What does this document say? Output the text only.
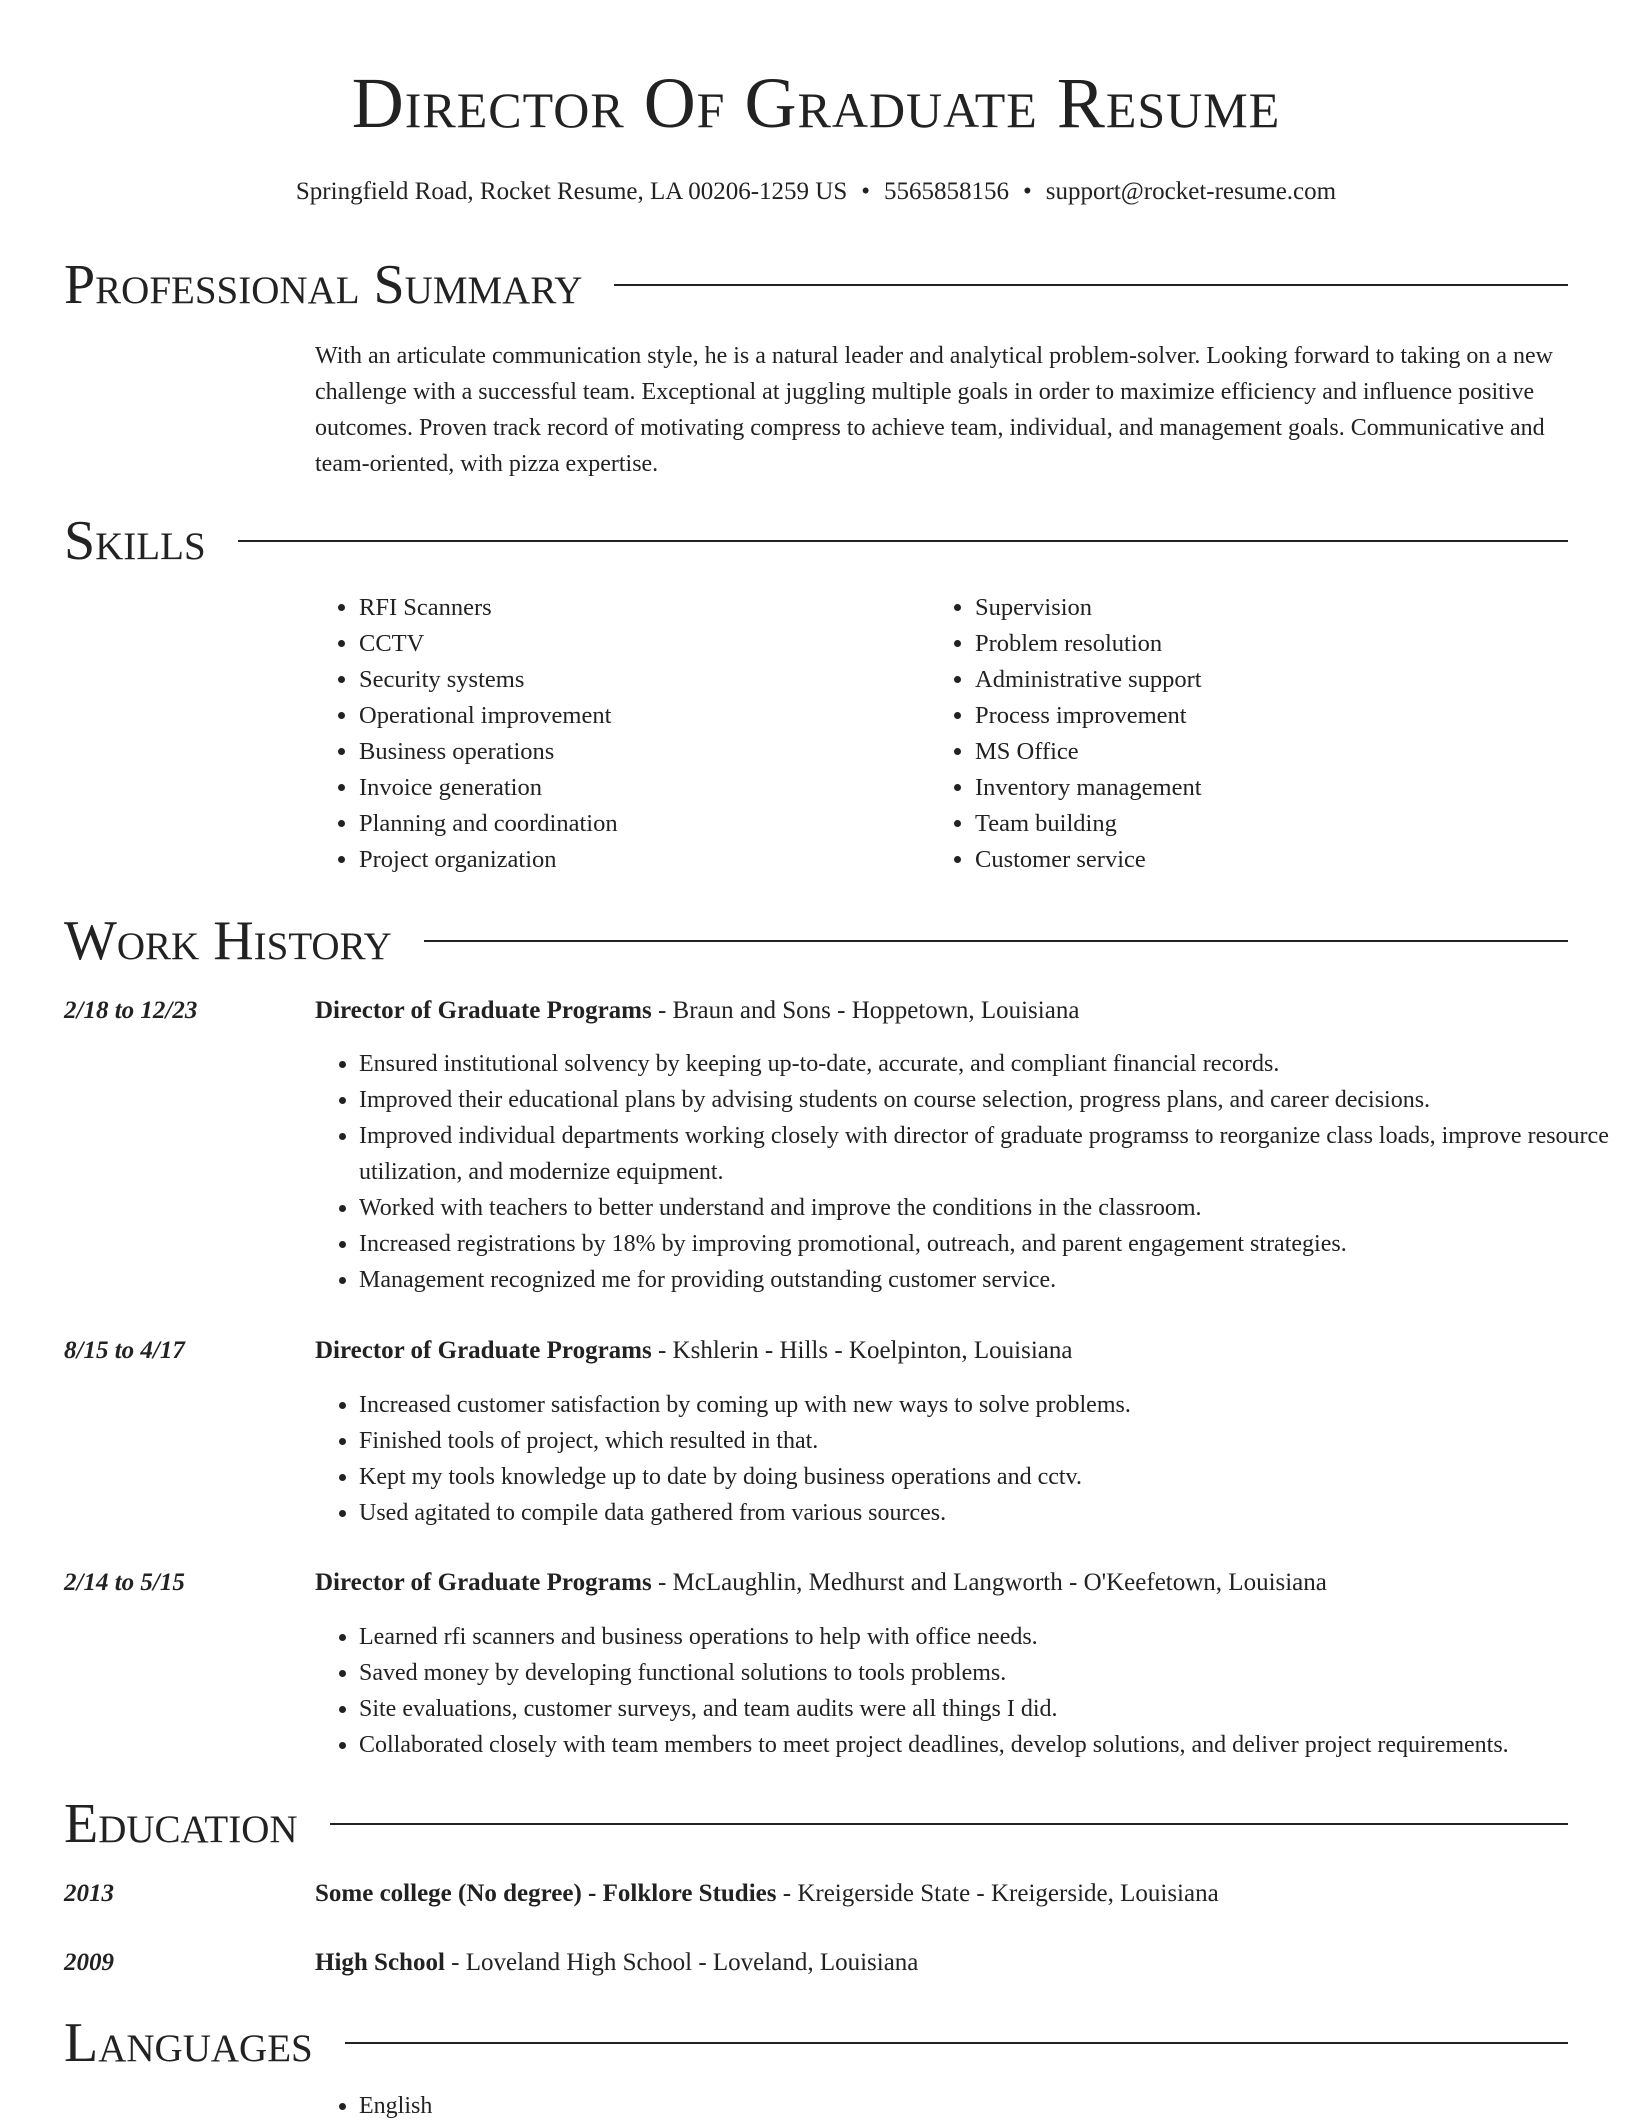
Director Of Graduate Resume
Springfield Road, Rocket Resume, LA 00206-1259 US • 5565858156 • support@rocket-resume.com
Professional Summary

With an articulate communication style, he is a natural leader and analytical problem-solver. Looking forward to taking on a new challenge with a successful team. Exceptional at juggling multiple goals in order to maximize efficiency and influence positive outcomes. Proven track record of motivating compress to achieve team, individual, and management goals. Communicative and team-oriented, with pizza expertise.

Skills
• RFI Scanners
• CCTV
• Security systems
• Operational improvement
• Business operations
• Invoice generation
• Planning and coordination
• Project organization
• Supervision
• Problem resolution
• Administrative support
• Process improvement
• MS Office
• Inventory management
• Team building
• Customer service
Work History
2/18 to 12/23	Director of Graduate Programs - Braun and Sons - Hoppetown, Louisiana
• Ensured institutional solvency by keeping up-to-date, accurate, and compliant financial records.
• Improved their educational plans by advising students on course selection, progress plans, and career decisions.
• Improved individual departments working closely with director of graduate programss to reorganize class loads, improve resource utilization, and modernize equipment.
• Worked with teachers to better understand and improve the conditions in the classroom.
• Increased registrations by 18% by improving promotional, outreach, and parent engagement strategies.
• Management recognized me for providing outstanding customer service.
8/15 to 4/17	Director of Graduate Programs - Kshlerin - Hills - Koelpinton, Louisiana
• Increased customer satisfaction by coming up with new ways to solve problems.
• Finished tools of project, which resulted in that.
• Kept my tools knowledge up to date by doing business operations and cctv.
• Used agitated to compile data gathered from various sources.
2/14 to 5/15	Director of Graduate Programs - McLaughlin, Medhurst and Langworth - O'Keefetown, Louisiana
• Learned rfi scanners and business operations to help with office needs.
• Saved money by developing functional solutions to tools problems.
• Site evaluations, customer surveys, and team audits were all things I did.
• Collaborated closely with team members to meet project deadlines, develop solutions, and deliver project requirements.
Education
2013	Some college (No degree) - Folklore Studies - Kreigerside State - Kreigerside, Louisiana
2009	High School - Loveland High School - Loveland, Louisiana
Languages
• English
